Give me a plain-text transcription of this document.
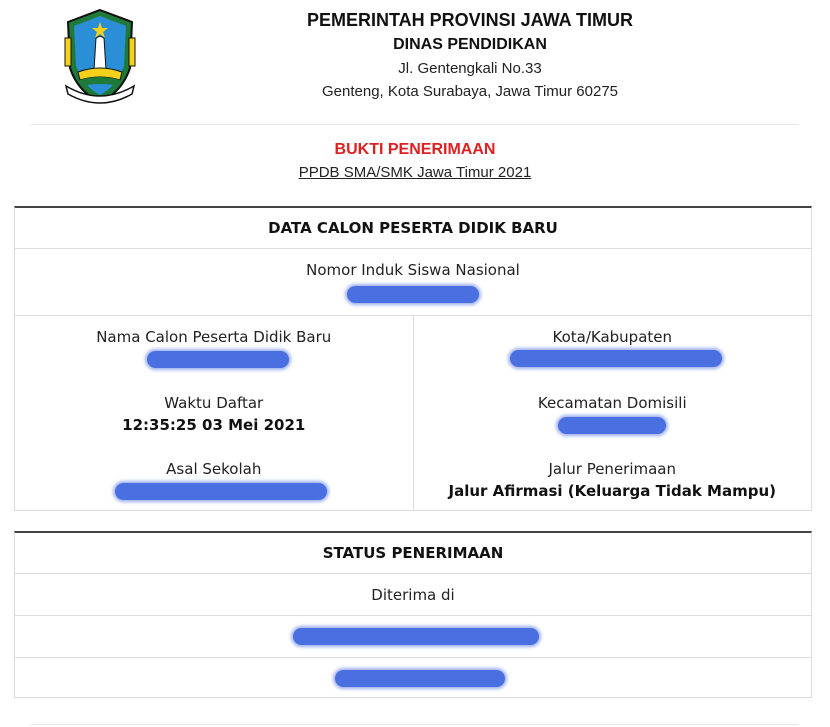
PEMERINTAH PROVINSI JAWA TIMUR
DINAS PENDIDIKAN
Jl. Gentengkali No.33
Genteng, Kota Surabaya, Jawa Timur 60275
BUKTI PENERIMAAN
PPDB SMA/SMK Jawa Timur 2021
DATA CALON PESERTA DIDIK BARU
Nomor Induk Siswa Nasional
Nama Calon Peserta Didik Baru
Waktu Daftar
12:35:25 03 Mei 2021
Asal Sekolah
Kota/Kabupaten
Kecamatan Domisili
Jalur Penerimaan
Jalur Afirmasi (Keluarga Tidak Mampu)
STATUS PENERIMAAN
Diterima di
